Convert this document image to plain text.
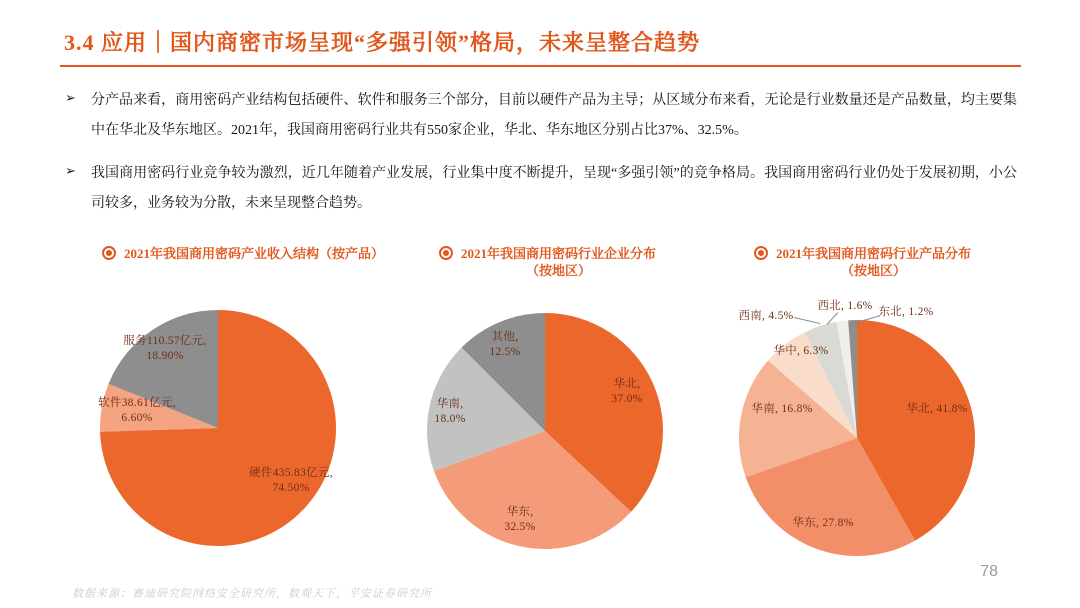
3.4 应用｜国内商密市场呈现“多强引领”格局，未来呈整合趋势
➢	分产品来看，商用密码产业结构包括硬件、软件和服务三个部分，目前以硬件产品为主导；从区域分布来看，无论是行业数量还是产品数量，均主要集中在华北及华东地区。2021年，我国商用密码行业共有550家企业，华北、华东地区分别占比37%、32.5%。
➢	我国商用密码行业竞争较为激烈，近几年随着产业发展，行业集中度不断提升，呈现“多强引领”的竞争格局。我国商用密码行业仍处于发展初期，小公司较多，业务较为分散，未来呈现整合趋势。
2021年我国商用密码产业收入结构（按产品）	2021年我国商用密码行业企业分布
（按地区）
2021年我国商用密码行业产品分布
（按地区）
服务110.57亿元,
18.90%
软件38.61亿元,
6.60%
硬件435.83亿元,
74.50%
其他,
12.5%
华北,
37.0%
华南,
18.0%
华东,
32.5%
西北, 1.6% 东北, 1.2%
西南, 4.5%
华中, 6.3%
华南, 16.8%	华北, 41.8%
华东, 27.8%
数据来源：赛迪研究院网络安全研究所，数观天下，平安证券研究所
78
